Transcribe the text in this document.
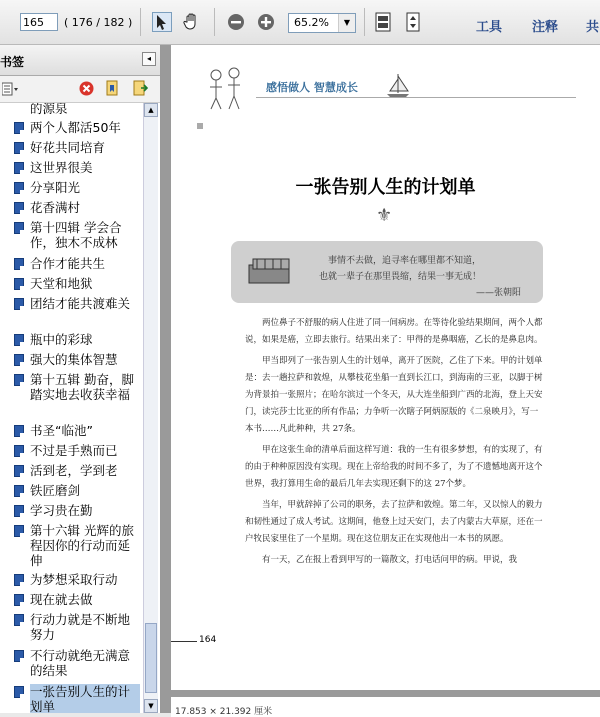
165	( 176 / 182 )	65.2%	▼	工具 注释 共
书签	◂
的源泉
两个人都活50年
好花共同培育
这世界很美
分享阳光
花香满村
第十四辑 学会合作，独木不成林
合作才能共生
天堂和地狱
团结才能共渡难关
瓶中的彩球
强大的集体智慧
第十五辑 勤奋，脚踏实地去收获幸福
书圣“临池”
不过是手熟而已
活到老，学到老
铁匠磨剑
学习贵在勤
第十六辑 光辉的旅程因你的行动而延伸
为梦想采取行动
现在就去做
行动力就是不断地努力
不行动就绝无满意的结果
一张告别人生的计划单
▲
▼
感悟做人 智慧成长
一张告别人生的计划单
⚜
事情不去做，追寻率在哪里都不知道，
也就一辈子在那里畏缩，结果一事无成！
——张朝阳

两位鼻子不舒服的病人住进了同一间病房。在等待化验结果期间，两个人都说，如果是癌，立即去旅行。结果出来了：甲得的是鼻咽癌，乙长的是鼻息肉。

甲当即列了一张告别人生的计划单，离开了医院，乙住了下来。甲的计划单是：去一趟拉萨和敦煌，从攀枝花坐船一直到长江口，到海南的三亚，以脚于树为背景拍一张照片；在哈尔滨过一个冬天，从大连坐船到广西的北海，登上天安门，读完莎士比亚的所有作品；力争听一次瞎子阿炳原版的《二泉映月》，写一本书……凡此种种，共 27条。

甲在这张生命的清单后面这样写道：我的一生有很多梦想，有的实现了，有的由于种种原因没有实现。现在上帝给我的时间不多了，为了不遗憾地离开这个世界，我打算用生命的最后几年去实现还剩下的这 27个梦。

当年，甲就辞掉了公司的职务，去了拉萨和敦煌。第二年，又以惊人的毅力和韧性通过了成人考试。这期间，他登上过天安门，去了内蒙古大草原，还在一户牧民家里住了一个星期。现在这位朋友正在实现他出一本书的夙愿。

有一天，乙在报上看到甲写的一篇散文，打电话问甲的病。甲说，我

164
17.853 × 21.392 厘米
